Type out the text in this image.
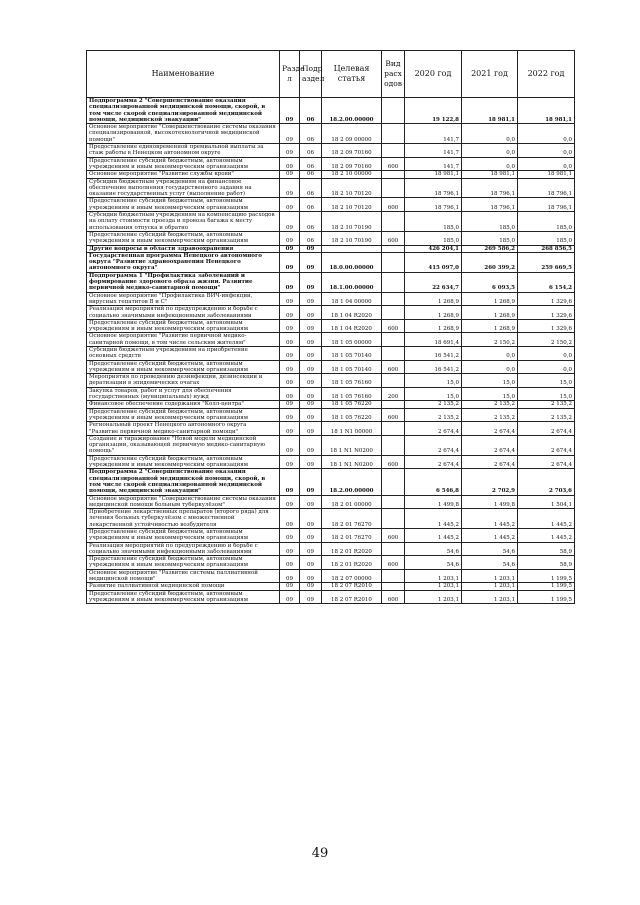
Наименование	Разде л	Подр аздел	Целевая статья	Вид расх одов	2020 год	2021 год	2022 год
Подпрограмма 2 "Совершенствование оказания специализированной медицинской помощи, скорой, в том числе скорой специализированной медицинской помощи, медицинской эвакуации"	09	06	18.2.00.00000		19 122,8	18 981,1	18 981,1
Основное мероприятие "Совершенствование системы оказания специализированной, высокотехнологичной медицинской помощи"	09	06	18 2 09 00000		141,7	0,0	0,0
Предоставление единовременной премиальной выплаты за стаж работы в Ненецком автономном округе	09	06	18 2 09 70160		141,7	0,0	0,0
Предоставление субсидий бюджетным, автономным учреждениям и иным некоммерческим организациям	09	06	18 2 09 70160	600	141,7	0,0	0,0
Основное мероприятие "Развитие службы крови"	09	06	18 2 10 00000		18 981,1	18 981,1	18 981,1
Субсидии бюджетным учреждениям на финансовое обеспечение выполнения государственного задания на оказание государственных услуг (выполнение работ)	09	06	18 2 10 70120		18 796,1	18 796,1	18 796,1
Предоставление субсидий бюджетным, автономным учреждениям и иным некоммерческим организациям	09	06	18 2 10 70120	600	18 796,1	18 796,1	18 796,1
Субсидии бюджетным учреждениям на компенсацию расходов на оплату стоимости проезда и провоза багажа к месту использования отпуска и обратно	09	06	18 2 10 70190		185,0	185,0	185,0
Предоставление субсидий бюджетным, автономным учреждениям и иным некоммерческим организациям	09	06	18 2 10 70190	600	185,0	185,0	185,0
Другие вопросы в области здравоохранения	09	09			426 204,1	269 586,2	268 856,5
Государственная программа Ненецкого автономного округа "Развитие здравоохранения Ненецкого автономного округа"	09	09	18.0.00.00000		415 097,0	260 399,2	259 669,5
Подпрограмма 1 "Профилактика заболеваний и формирование здорового образа жизни. Развитие первичной медико-санитарной помощи"	09	09	18.1.00.00000		22 634,7	6 093,5	6 154,2
Основное мероприятие "Профилактика ВИЧ-инфекции, вирусных гепатитов В и С"	09	09	18 1 04 00000		1 268,9	1 268,9	1 329,6
Реализация мероприятий по предупреждению и борьбе с социально значимыми инфекционными заболеваниями	09	09	18 1 04 R2020		1 268,9	1 268,9	1 329,6
Предоставление субсидий бюджетным, автономным учреждениям и иным некоммерческим организациям	09	09	18 1 04 R2020	600	1 268,9	1 268,9	1 329,6
Основное мероприятие "Развитие первичной медико-санитарной помощи, в том числе сельским жителям"	09	09	18 1 05 00000		18 691,4	2 150,2	2 150,2
Субсидии бюджетным учреждениям на приобретение основных средств	09	09	18 1 05 70140		16 541,2	0,0	0,0
Предоставление субсидий бюджетным, автономным учреждениям и иным некоммерческим организациям	09	09	18 1 05 70140	600	16 541,2	0,0	0,0
Мероприятия по проведению дезинфекции, дезинсекции и дератизации в эпидемических очагах	09	09	18 1 05 76160		15,0	15,0	15,0
Закупка товаров, работ и услуг для обеспечения государственных (муниципальных) нужд	09	09	18 1 05 76160	200	15,0	15,0	15,0
Финансовое обеспечение содержания "Колл-центра"	09	09	18 1 05 76220		2 135,2	2 135,2	2 135,2
Предоставление субсидий бюджетным, автономным учреждениям и иным некоммерческим организациям	09	09	18 1 05 76220	600	2 135,2	2 135,2	2 135,2
Региональный проект Ненецкого автономного округа "Развитие первичной медико-санитарной помощи"	09	09	18 1 N1 00000		2 674,4	2 674,4	2 674,4
Создание и тиражирование "Новой модели медицинской организации, оказывающей первичную медико-санитарную помощь"	09	09	18 1 N1 N0200		2 674,4	2 674,4	2 674,4
Предоставление субсидий бюджетным, автономным учреждениям и иным некоммерческим организациям	09	09	18 1 N1 N0200	600	2 674,4	2 674,4	2 674,4
Подпрограмма 2 "Совершенствование оказания специализированной медицинской помощи, скорой, в том числе скорой специализированной медицинской помощи, медицинской эвакуации"	09	09	18.2.00.00000		6 546,8	2 702,9	2 703,6
Основное мероприятие "Совершенствование системы оказания медицинской помощи больным туберкулёзом"	09	09	18 2 01 00000		1 499,8	1 499,8	1 504,1
Приобретение лекарственных препаратов (второго ряда) для лечения больных туберкулёзом с множественной лекарственной устойчивостью возбудителя	09	09	18 2 01 76270		1 445,2	1 445,2	1 445,2
Предоставление субсидий бюджетным, автономным учреждениям и иным некоммерческим организациям	09	09	18 2 01 76270	600	1 445,2	1 445,2	1 445,2
Реализация мероприятий по предупреждению и борьбе с социально значимыми инфекционными заболеваниями	09	09	18 2 01 R2020		54,6	54,6	58,9
Предоставление субсидий бюджетным, автономным учреждениям и иным некоммерческим организациям	09	09	18 2 01 R2020	600	54,6	54,6	58,9
Основное мероприятие "Развитие системы паллиативной медицинской помощи"	09	09	18 2 07 00000		1 203,1	1 203,1	1 199,5
Развитие паллиативной медицинской помощи	09	09	18 2 07 R2010		1 203,1	1 203,1	1 199,5
Предоставление субсидий бюджетным, автономным учреждениям и иным некоммерческим организациям	09	09	18 2 07 R2010	600	1 203,1	1 203,1	1 199,5
49
